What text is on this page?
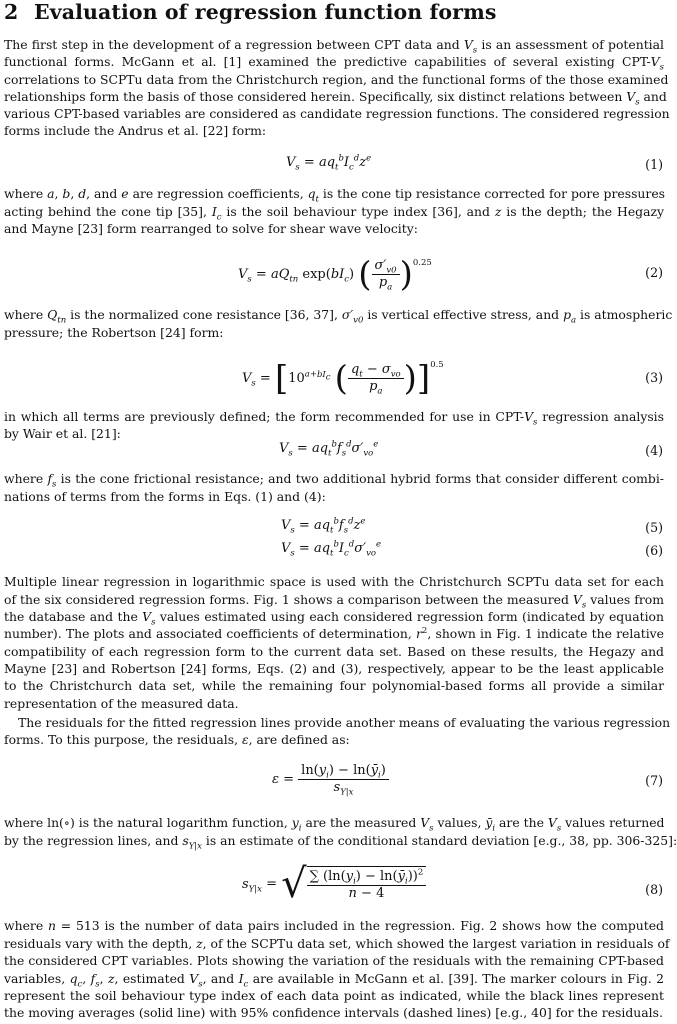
2 Evaluation of regression function forms
The first step in the development of a regression between CPT data and $V_s$ is an assessment of potential
functional forms. McGann et al. [1] examined the predictive capabilities of several existing CPT-$V_s$
correlations to SCPTu data from the Christchurch region, and the functional forms of the those examined
relationships form the basis of those considered herein. Specifically, six distinct relations between $V_s$ and
various CPT-based variables are considered as candidate regression functions. The considered regression
forms include the Andrus et al. [22] form:
$V_s = aq_t^bI_c^dz^e$	(1)
where a, b, d, and e are regression coefficients, $q_t$ is the cone tip resistance corrected for pore pressures
acting behind the cone tip [35], $I_c$ is the soil behaviour type index [36], and z is the depth; the Hegazy
and Mayne [23] form rearranged to solve for shear wave velocity:
$V_s = aQ_{tn}$ $\exp(bI_c)$ ( $\frac{\sigma'_{v0}}{p_a} )^{0.25}$
(2)
where $Q_{tn}$ is the normalized cone resistance [36, 37], $\sigma'_{v0}$ is vertical effective stress, and $p_a$ is atmospheric
pressure; the Robertson [24] form:
$V_s = [10^{a+bI_c}$ ( $\frac{q_t - \sigma_{vo}}{p_a} )]^{0.5}$
(3)
in which all terms are previously defined; the form recommended for use in CPT-$V_s$ regression analysis
by Wair et al. [21]:
$V_s = aq_t^bf_s^d\sigma'_{vo}^e$	(4)
where $f_s$ is the cone frictional resistance; and two additional hybrid forms that consider different combi-
nations of terms from the forms in Eqs. (1) and (4):
$V_s = aq_t^bf_s^dz^e$	(5)
$V_s = aq_t^bI_c^d\sigma'_{vo}^e$	(6)
Multiple linear regression in logarithmic space is used with the Christchurch SCPTu data set for each
of the six considered regression forms. Fig. 1 shows a comparison between the measured $V_s$ values from
the database and the $V_s$ values estimated using each considered regression form (indicated by equation
number). The plots and associated coefficients of determination, $r^2$, shown in Fig. 1 indicate the relative
compatibility of each regression form to the current data set. Based on these results, the Hegazy and
Mayne [23] and Robertson [24] forms, Eqs. (2) and (3), respectively, appear to be the least applicable
to the Christchurch data set, while the remaining four polynomial-based forms all provide a similar
representation of the measured data.
The residuals for the fitted regression lines provide another means of evaluating the various regression
forms. To this purpose, the residuals, ε, are defined as:
$\varepsilon = \frac{\ln(y_i) - \ln(ȳ_i)}{s_{Y|x}}$	(7)
where ln(∘) is the natural logarithm function, $y_i$ are the measured $V_s$ values, $ȳ_i$ are the $V_s$ values returned
by the regression lines, and $s_{Y|x}$ is an estimate of the conditional standard deviation [e.g., 38, pp. 306-325]:
$s_{Y|x}$ = √ $\frac{\sum (\ln(y_i) - \ln(ȳ_i))^2}{n - 4}$	(8)
where n = 513 is the number of data pairs included in the regression. Fig. 2 shows how the computed
residuals vary with the depth, z, of the SCPTu data set, which showed the largest variation in residuals of
the considered CPT variables. Plots showing the variation of the residuals with the remaining CPT-based
variables, $q_c$, $f_s$, z, estimated $V_s$, and $I_c$ are available in McGann et al. [39]. The marker colours in Fig. 2
represent the soil behaviour type index of each data point as indicated, while the black lines represent
the moving averages (solid line) with 95% confidence intervals (dashed lines) [e.g., 40] for the residuals.
